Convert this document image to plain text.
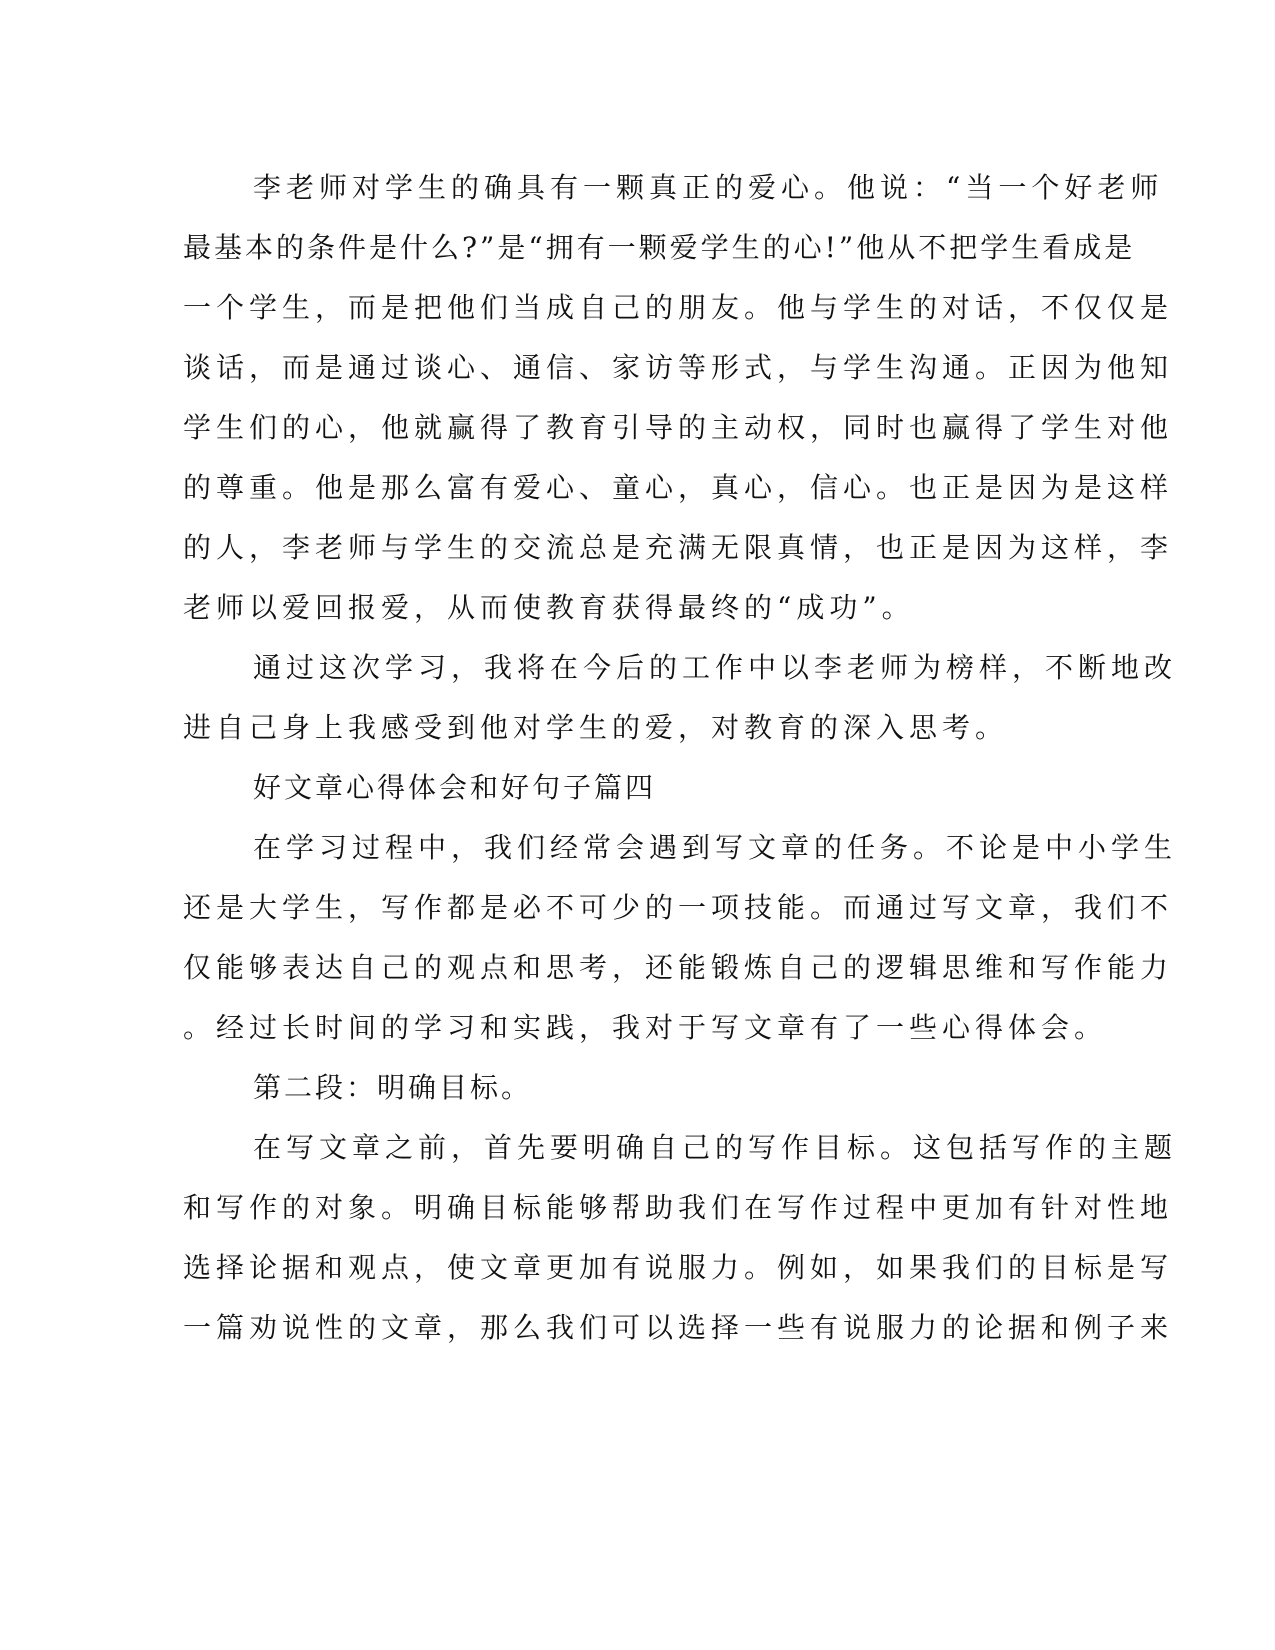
李老师对学生的确具有一颗真正的爱心。他说：“当一个好老师
最基本的条件是什么?”是“拥有一颗爱学生的心!”他从不把学生看成是
一个学生，而是把他们当成自己的朋友。他与学生的对话，不仅仅是
谈话，而是通过谈心、通信、家访等形式，与学生沟通。正因为他知
学生们的心，他就赢得了教育引导的主动权，同时也赢得了学生对他
的尊重。他是那么富有爱心、童心，真心，信心。也正是因为是这样
的人，李老师与学生的交流总是充满无限真情，也正是因为这样，李
老师以爱回报爱，从而使教育获得最终的“成功”。
通过这次学习，我将在今后的工作中以李老师为榜样，不断地改
进自己身上我感受到他对学生的爱，对教育的深入思考。
好文章心得体会和好句子篇四
在学习过程中，我们经常会遇到写文章的任务。不论是中小学生
还是大学生，写作都是必不可少的一项技能。而通过写文章，我们不
仅能够表达自己的观点和思考，还能锻炼自己的逻辑思维和写作能力
。经过长时间的学习和实践，我对于写文章有了一些心得体会。
第二段：明确目标。
在写文章之前，首先要明确自己的写作目标。这包括写作的主题
和写作的对象。明确目标能够帮助我们在写作过程中更加有针对性地
选择论据和观点，使文章更加有说服力。例如，如果我们的目标是写
一篇劝说性的文章，那么我们可以选择一些有说服力的论据和例子来
